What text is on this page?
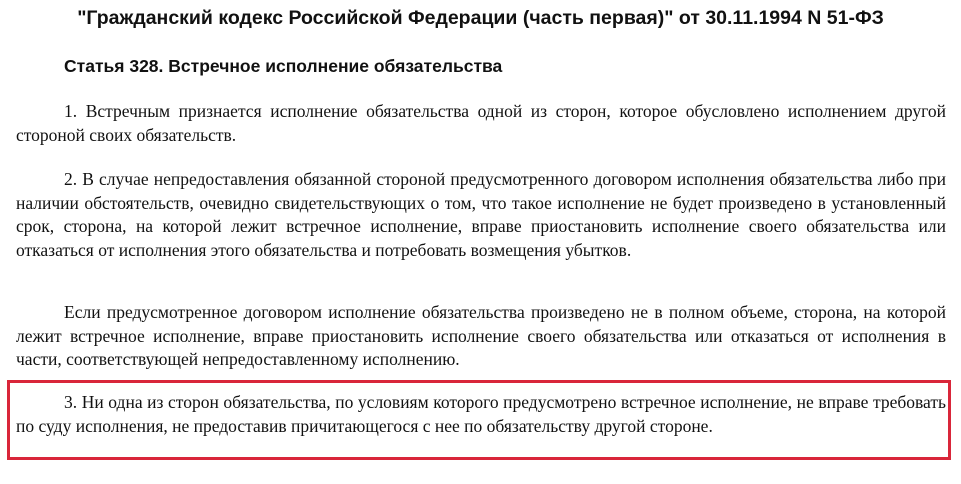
"Гражданский кодекс Российской Федерации (часть первая)" от 30.11.1994 N 51-ФЗ
Статья 328. Встречное исполнение обязательства

1. Встречным признается исполнение обязательства одной из сторон, которое обусловлено исполнением другой стороной своих обязательств.

2. В случае непредоставления обязанной стороной предусмотренного договором исполнения обязательства либо при наличии обстоятельств, очевидно свидетельствующих о том, что такое исполнение не будет произведено в установленный срок, сторона, на которой лежит встречное исполнение, вправе приостановить исполнение своего обязательства или отказаться от исполнения этого обязательства и потребовать возмещения убытков.

Если предусмотренное договором исполнение обязательства произведено не в полном объеме, сторона, на которой лежит встречное исполнение, вправе приостановить исполнение своего обязательства или отказаться от исполнения в части, соответствующей непредоставленному исполнению.

3. Ни одна из сторон обязательства, по условиям которого предусмотрено встречное исполнение, не вправе требовать по суду исполнения, не предоставив причитающегося с нее по обязательству другой стороне.
